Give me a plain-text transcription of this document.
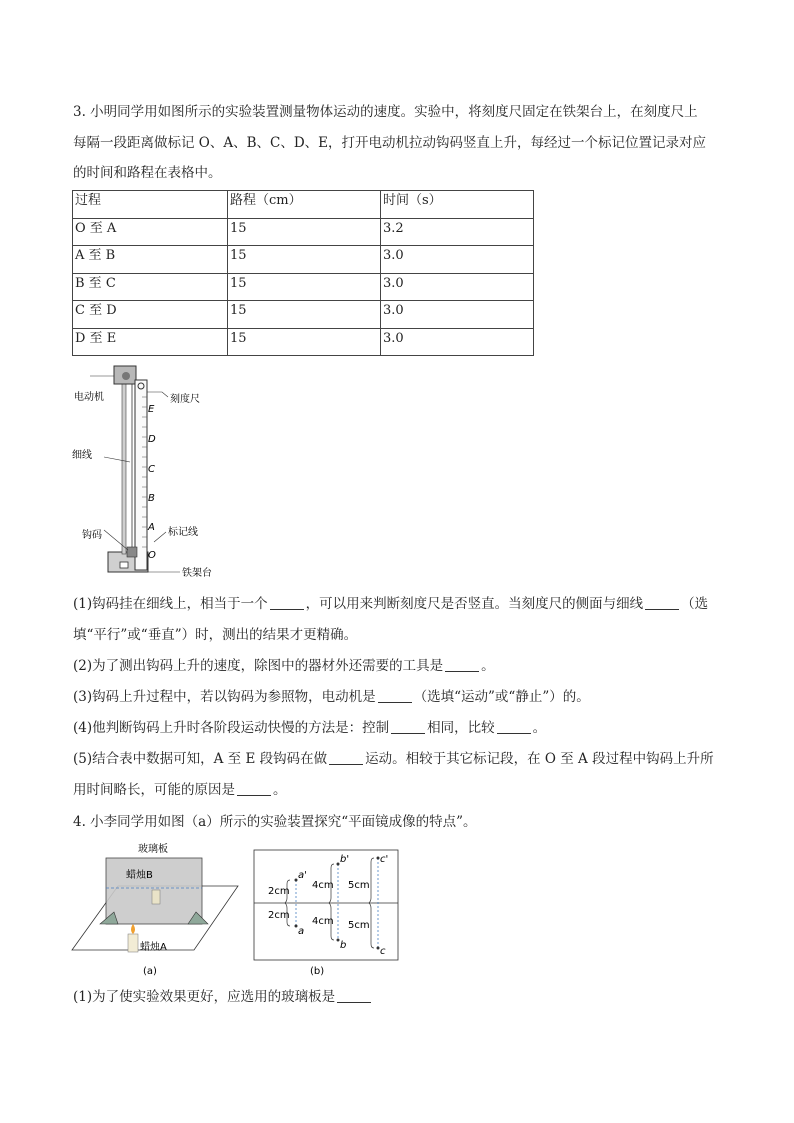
3. 小明同学用如图所示的实验装置测量物体运动的速度。实验中，将刻度尺固定在铁架台上，在刻度尺上
每隔一段距离做标记 O、A、B、C、D、E，打开电动机拉动钩码竖直上升，每经过一个标记位置记录对应
的时间和路程在表格中。
过程	路程（cm）	时间（s）
O 至 A	15	3.2
A 至 B	15	3.0
B 至 C	15	3.0
C 至 D	15	3.0
D 至 E	15	3.0
E
D
C
B
A
O
电动机	刻度尺
细线
钩码	标记线
铁架台
(1)钩码挂在细线上，相当于一个	，可以用来判断刻度尺是否竖直。当刻度尺的侧面与细线	（选
填“平行”或“垂直”）时，测出的结果才更精确。
(2)为了测出钩码上升的速度，除图中的器材外还需要的工具是	。
(3)钩码上升过程中，若以钩码为参照物，电动机是	（选填“运动”或“静止”）的。
(4)他判断钩码上升时各阶段运动快慢的方法是：控制	相同，比较	。
(5)结合表中数据可知，A 至 E 段钩码在做	运动。相较于其它标记段，在 O 至 A 段过程中钩码上升所
用时间略长，可能的原因是	。
4. 小李同学用如图（a）所示的实验装置探究“平面镜成像的特点”。
玻璃板
蜡烛B
蜡烛A
(a)
a'
a
2cm
2cm
b'
b
4cm
4cm
c'
c
5cm
5cm
(b)
(1)为了使实验效果更好，应选用的玻璃板是
